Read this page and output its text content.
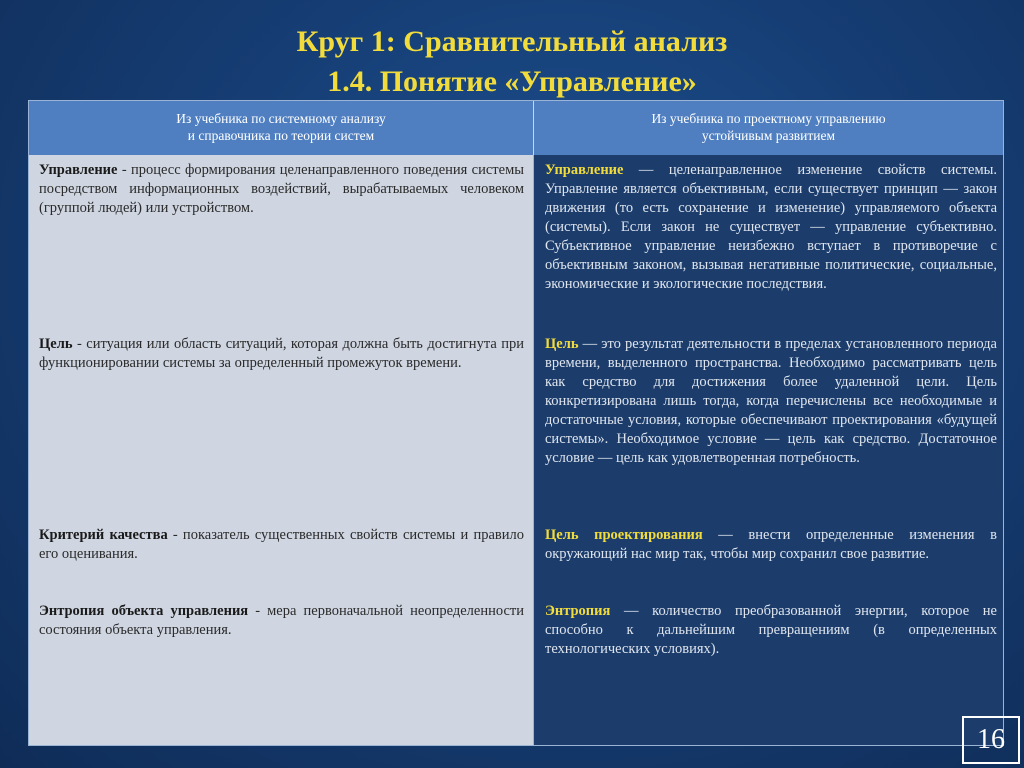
Круг 1: Сравнительный анализ
1.4. Понятие «Управление»
Из учебника по системному анализу
и справочника по теории систем
Из учебника по проектному управлению
устойчивым развитием
Управление - процесс формирования целенаправленного поведения системы посредством информационных воздействий, вырабатываемых человеком (группой людей) или устройством.
Цель - ситуация или область ситуаций, которая должна быть достигнута при функционировании системы за определенный промежуток времени.
Критерий качества - показатель существенных свойств системы и правило его оценивания.
Энтропия объекта управления - мера первоначальной неопределенности состояния объекта управления.
Управление — целенаправленное изменение свойств системы. Управление является объективным, если существует принцип — закон движения (то есть сохранение и изменение) управляемого объекта (системы). Если закон не существует — управление субъективно. Субъективное управление неизбежно вступает в противоречие с объективным законом, вызывая негативные политические, социальные, экономические и экологические последствия.
Цель — это результат деятельности в пределах установленного периода времени, выделенного пространства. Необходимо рассматривать цель как средство для достижения более удаленной цели. Цель конкретизирована лишь тогда, когда перечислены все необходимые и достаточные условия, которые обеспечивают проектирования «будущей системы». Необходимое условие — цель как средство. Достаточное условие — цель как удовлетворенная потребность.
Цель проектирования — внести определенные изменения в окружающий нас мир так, чтобы мир сохранил свое развитие.
Энтропия — количество преобразованной энергии, которое не способно к дальнейшим превращениям (в определенных технологических условиях).
16
